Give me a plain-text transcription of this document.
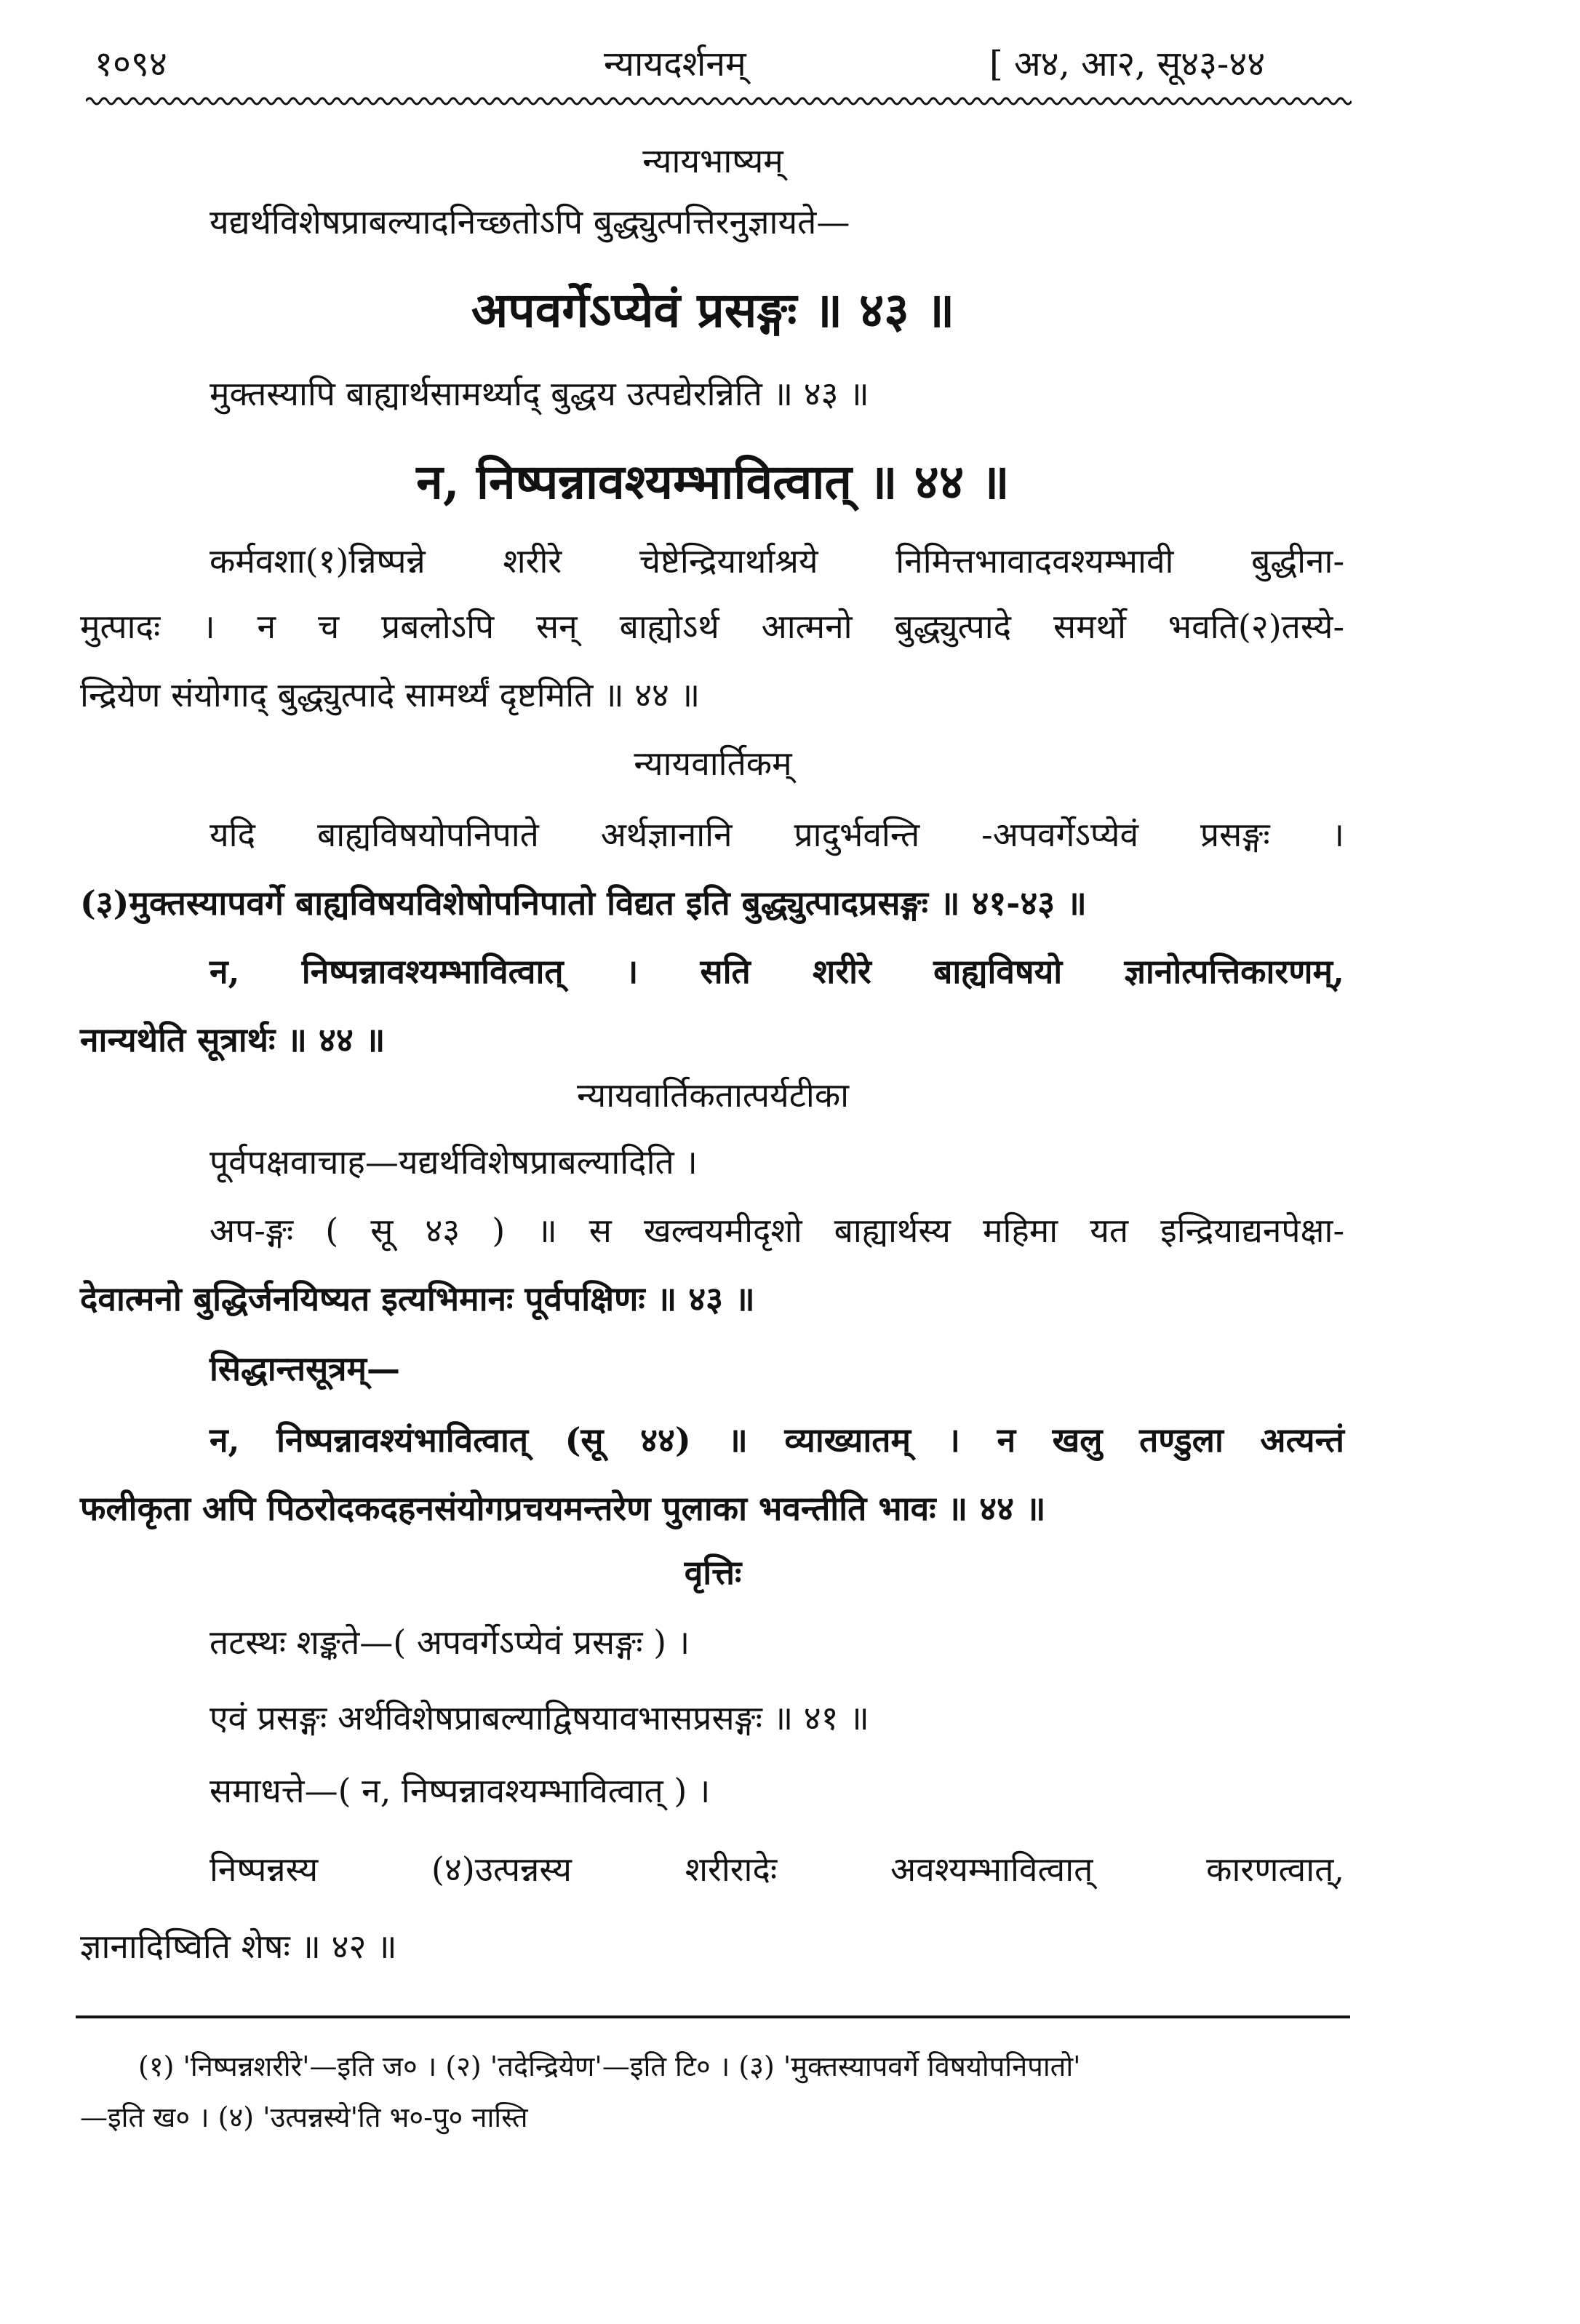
१०९४	न्यायदर्शनम्	[ अ४, आ२, सू४३-४४
न्यायभाष्यम्
यद्यर्थविशेषप्राबल्यादनिच्छतोऽपि बुद्ध्युत्पत्तिरनुज्ञायते—
अपवर्गेऽप्येवं प्रसङ्गः ॥ ४३ ॥
मुक्तस्यापि बाह्यार्थसामर्थ्याद् बुद्धय उत्पद्येरन्निति ॥ ४३ ॥
न, निष्पन्नावश्यम्भावित्वात् ॥ ४४ ॥
कर्मवशा(१)न्निष्पन्ने शरीरे चेष्टेन्द्रियार्थाश्रये निमित्तभावादवश्यम्भावी बुद्धीना-
मुत्पादः । न च प्रबलोऽपि सन् बाह्योऽर्थ आत्मनो बुद्ध्युत्पादे समर्थो भवति(२)तस्ये-
न्द्रियेण संयोगाद् बुद्ध्युत्पादे सामर्थ्यं दृष्टमिति ॥ ४४ ॥
न्यायवार्तिकम्
यदि बाह्यविषयोपनिपाते अर्थज्ञानानि प्रादुर्भवन्ति -अपवर्गेऽप्येवं प्रसङ्गः ।
(३)मुक्तस्यापवर्गे बाह्यविषयविशेषोपनिपातो विद्यत इति बुद्ध्युत्पादप्रसङ्गः ॥ ४१-४३ ॥
न, निष्पन्नावश्यम्भावित्वात् । सति शरीरे बाह्यविषयो ज्ञानोत्पत्तिकारणम्,
नान्यथेति सूत्रार्थः ॥ ४४ ॥
न्यायवार्तिकतात्पर्यटीका
पूर्वपक्षवाचाह—यद्यर्थविशेषप्राबल्यादिति ।
अप-ङ्गः ( सू ४३ ) ॥ स खल्वयमीदृशो बाह्यार्थस्य महिमा यत इन्द्रियाद्यनपेक्षा-
देवात्मनो बुद्धिर्जनयिष्यत इत्यभिमानः पूर्वपक्षिणः ॥ ४३ ॥
सिद्धान्तसूत्रम्—
न, निष्पन्नावश्यंभावित्वात् (सू ४४) ॥ व्याख्यातम् । न खलु तण्डुला अत्यन्तं
फलीकृता अपि पिठरोदकदहनसंयोगप्रचयमन्तरेण पुलाका भवन्तीति भावः ॥ ४४ ॥
वृत्तिः
तटस्थः शङ्कते—( अपवर्गेऽप्येवं प्रसङ्गः ) ।
एवं प्रसङ्गः अर्थविशेषप्राबल्याद्विषयावभासप्रसङ्गः ॥ ४१ ॥
समाधत्ते—( न, निष्पन्नावश्यम्भावित्वात् ) ।
निष्पन्नस्य (४)उत्पन्नस्य शरीरादेः अवश्यम्भावित्वात् कारणत्वात्,
ज्ञानादिष्विति शेषः ॥ ४२ ॥
(१) 'निष्पन्नशरीरे'—इति ज० । (२) 'तदेन्द्रियेण'—इति टि० । (३) 'मुक्तस्यापवर्गे विषयोपनिपातो'
—इति ख० । (४) 'उत्पन्नस्ये'ति भ०-पु० नास्ति
